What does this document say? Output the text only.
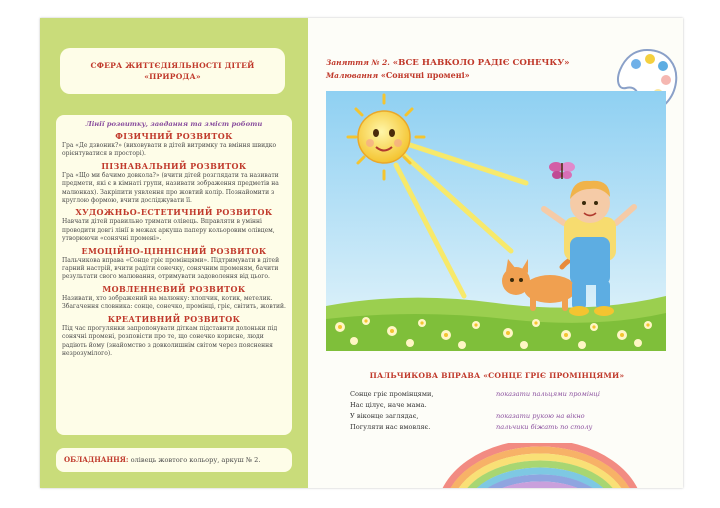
СФЕРА ЖИТТЄДІЯЛЬНОСТІ ДІТЕЙ
«ПРИРОДА»
Лінії розвитку, завдання та зміст роботи
ФІЗИЧНИЙ РОЗВИТОК

Гра «Де дзвоник?» (виховувати в дітей витримку та вміння швидко орієнтуватися в просторі).

ПІЗНАВАЛЬНИЙ РОЗВИТОК

Гра «Що ми бачимо довкола?» (вчити дітей розглядати та називати предмети, які є в кімнаті групи, називати зображення предметів на малюнках). Закріпити уявлення про жовтий колір. Познайомити з круглою формою, вчити досліджувати її.

ХУДОЖНЬО-ЕСТЕТИЧНИЙ РОЗВИТОК

Навчати дітей правильно тримати олівець. Вправляти в умінні проводити довгі лінії в межах аркуша паперу кольоровим олівцем, утворюючи «сонячні промені».

ЕМОЦІЙНО-ЦІННІСНИЙ РОЗВИТОК

Пальчикова вправа «Сонце гріє промінцями». Підтримувати в дітей гарний настрій, вчити радіти сонечку, сонячним променям, бачити результати свого малювання, отримувати задоволення від цього.

МОВЛЕННЄВИЙ РОЗВИТОК

Називати, хто зображений на малюнку: хлопчик, котик, метелик. Збагачення словника: сонце, сонечко, промінці, гріє, світить, жовтий.

КРЕАТИВНИЙ РОЗВИТОК

Під час прогулянки запропонувати діткам підставити долоньки під сонячні промені, розповісти про те, що сонечко корисне, люди радіють йому (знайомство з довколишнім світом через пояснення незрозумілого).

ОБЛАДНАННЯ: олівець жовтого кольору, аркуш № 2.
Заняття № 2. «ВСЕ НАВКОЛО РАДІЄ СОНЕЧКУ»
Малювання «Сонячні промені»
ПАЛЬЧИКОВА ВПРАВА «СОНЦЕ ГРІЄ ПРОМІНЦЯМИ»
Сонце гріє промінцями,	показати пальцями промінці
Нас цілує, наче мама.
У віконце заглядає,	показати рукою на вікно
Погуляти нас вмовляє.	пальчики біжать по столу
